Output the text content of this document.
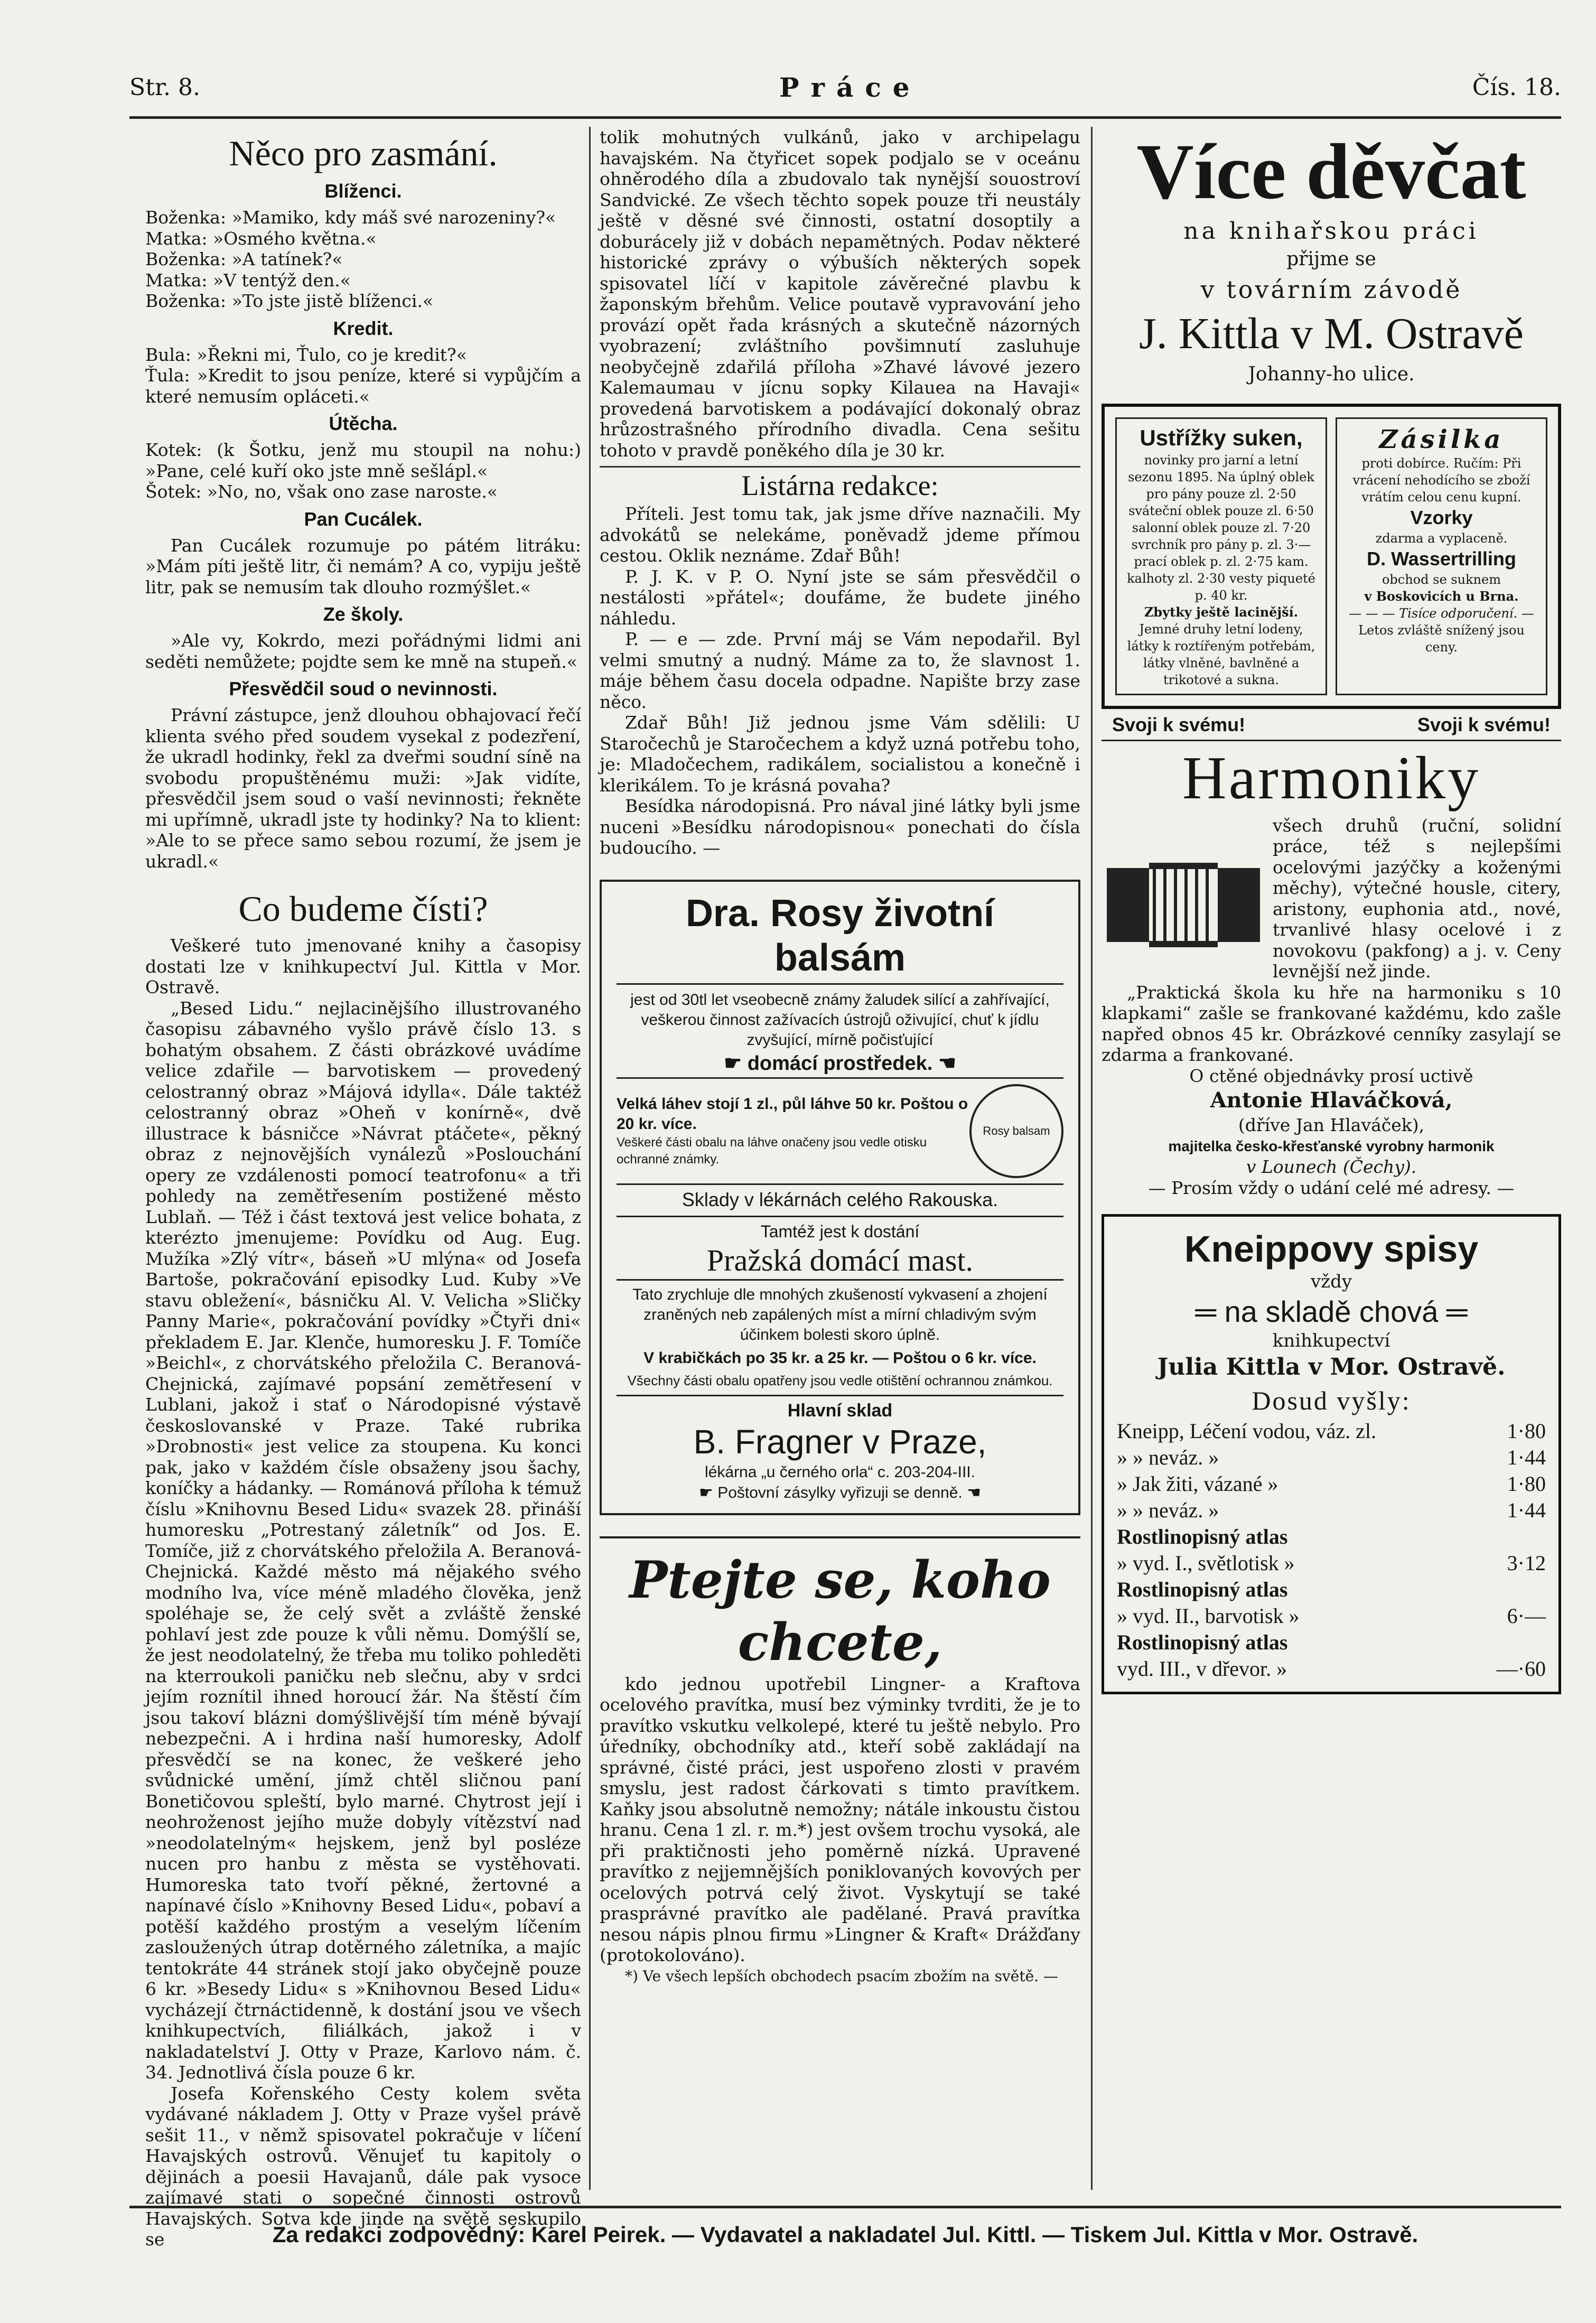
Str. 8.	Práce	Čís. 18.
Něco pro zasmání.
Blíženci.

Boženka: »Mamiko, kdy máš své narozeniny?«

Matka: »Osmého května.«

Boženka: »A tatínek?«

Matka: »V tentýž den.«

Boženka: »To jste jistě blíženci.«

Kredit.

Bula: »Řekni mi, Ťulo, co je kredit?«

Ťula: »Kredit to jsou peníze, které si vypůjčím a které nemusím opláceti.«

Útěcha.

Kotek: (k Šotku, jenž mu stoupil na nohu:) »Pane, celé kuří oko jste mně sešlápl.«

Šotek: »No, no, však ono zase naroste.«

Pan Cucálek.

Pan Cucálek rozumuje po pátém litráku: »Mám píti ještě litr, či nemám? A co, vypiju ještě litr, pak se nemusím tak dlouho rozmýšlet.«

Ze školy.

»Ale vy, Kokrdo, mezi pořádnými lidmi ani seděti nemůžete; pojdte sem ke mně na stupeň.«

Přesvědčil soud o nevinnosti.

Právní zástupce, jenž dlouhou obhajovací řečí klienta svého před soudem vysekal z podezření, že ukradl hodinky, řekl za dveřmi soudní síně na svobodu propuštěnému muži: »Jak vidíte, přesvědčil jsem soud o vaší nevinnosti; řekněte mi upřímně, ukradl jste ty hodinky? Na to klient: »Ale to se přece samo sebou rozumí, že jsem je ukradl.«

Co budeme čísti?

Veškeré tuto jmenované knihy a časopisy dostati lze v knihkupectví Jul. Kittla v Mor. Ostravě.

„Besed Lidu.“ nejlacinějšího illustrovaného časopisu zábavného vyšlo právě číslo 13. s bohatým obsahem. Z části obrázkové uvádíme velice zdařile — barvotiskem — provedený celostranný obraz »Májová idylla«. Dále taktéž celostranný obraz »Oheň v konírně«, dvě illustrace k básničce »Návrat ptáčete«, pěkný obraz z nejnovějších vynálezů »Poslouchání opery ze vzdálenosti pomocí teatrofonu« a tři pohledy na zemětřesením postižené město Lublaň. — Též i část textová jest velice bohata, z kterézto jmenujeme: Povídku od Aug. Eug. Mužíka »Zlý vítr«, báseň »U mlýna« od Josefa Bartoše, pokračování episodky Lud. Kuby »Ve stavu obležení«, básničku Al. V. Velicha »Sličky Panny Marie«, pokračování povídky »Čtyři dni« překladem E. Jar. Klenče, humoresku J. F. Tomíče »Beichl«, z chorvátského přeložila C. Beranová-Chejnická, zajímavé popsání zemětřesení v Lublani, jakož i stať o Národopisné výstavě českoslovanské v Praze. Také rubrika »Drobnosti« jest velice za stoupena. Ku konci pak, jako v každém čísle obsaženy jsou šachy, koníčky a hádanky. — Románová příloha k témuž číslu »Knihovnu Besed Lidu« svazek 28. přináší humoresku „Potrestaný záletník“ od Jos. E. Tomíče, již z chorvátského přeložila A. Beranová-Chejnická. Každé město má nějakého svého modního lva, více méně mladého člověka, jenž spoléhaje se, že celý svět a zvláště ženské pohlaví jest zde pouze k vůli němu. Domýšlí se, že jest neodolatelný, že třeba mu toliko pohleděti na kterroukoli paničku neb slečnu, aby v srdci jejím roznítil ihned horoucí žár. Na štěstí čím jsou takoví blázni domýšlivější tím méně bývají nebezpečni. A i hrdina naší humoresky, Adolf přesvědčí se na konec, že veškeré jeho svůdnické umění, jímž chtěl sličnou paní Bonetičovou spleští, bylo marné. Chytrost její i neohroženost jejího muže dobyly vítězství nad »neodolatelným« hejskem, jenž byl posléze nucen pro hanbu z města se vystěhovati. Humoreska tato tvoří pěkné, žertovné a napínavé číslo »Knihovny Besed Lidu«, pobaví a potěší každého prostým a veselým líčením zasloužených útrap dotěrného záletníka, a majíc tentokráte 44 stránek stojí jako obyčejně pouze 6 kr. »Besedy Lidu« s »Knihovnou Besed Lidu« vycházejí čtrnáctidenně, k dostání jsou ve všech knihkupectvích, filiálkách, jakož i v nakladatelství J. Otty v Praze, Karlovo nám. č. 34. Jednotlivá čísla pouze 6 kr.

Josefa Kořenského Cesty kolem světa vydávané nákladem J. Otty v Praze vyšel právě sešit 11., v němž spisovatel pokračuje v líčení Havajských ostrovů. Věnujeť tu kapitoly o dějinách a poesii Havajanů, dále pak vysoce zajímavé stati o sopečné činnosti ostrovů Havajských. Sotva kde jinde na světě seskupilo se

tolik mohutných vulkánů, jako v archipelagu havajském. Na čtyřicet sopek podjalo se v oceánu ohněrodého díla a zbudovalo tak nynější souostroví Sandvické. Ze všech těchto sopek pouze tři neustály ještě v děsné své činnosti, ostatní dosoptily a doburácely již v dobách nepamětných. Podav některé historické zprávy o výbuších některých sopek spisovatel líčí v kapitole závěrečné plavbu k žaponským břehům. Velice poutavě vypravování jeho provází opět řada krásných a skutečně názorných vyobrazení; zvláštního povšimnutí zasluhuje neobyčejně zdařilá příloha »Zhavé lávové jezero Kalemaumau v jícnu sopky Kilauea na Havaji« provedená barvotiskem a podávající dokonalý obraz hrůzostrašného přírodního divadla. Cena sešitu tohoto v pravdě poněkého díla je 30 kr.

Listárna redakce:

Příteli. Jest tomu tak, jak jsme dříve naznačili. My advokátů se nelekáme, poněvadž jdeme přímou cestou. Oklik neznáme. Zdař Bůh!

P. J. K. v P. O. Nyní jste se sám přesvědčil o nestálosti »přátel«; doufáme, že budete jiného náhledu.

P. — e — zde. První máj se Vám nepodařil. Byl velmi smutný a nudný. Máme za to, že slavnost 1. máje během času docela odpadne. Napište brzy zase něco.

Zdař Bůh! Již jednou jsme Vám sdělili: U Staročechů je Staročechem a když uzná potřebu toho, je: Mladočechem, radikálem, socialistou a konečně i klerikálem. To je krásná povaha?

Besídka národopisná. Pro nával jiné látky byli jsme nuceni »Besídku národopisnou« ponechati do čísla budoucího. —

Dra. Rosy životní balsám
jest od 30tl let vseobecně známy žaludek silící a zahřívající, veškerou činnost zažívacích ústrojů oživující, chuť k jídlu zvyšující, mírně počisťující
☛ domácí prostředek. ☚
Velká láhev stojí 1 zl., půl láhve 50 kr. Poštou o 20 kr. více.
Veškeré části obalu na láhve onačeny jsou vedle otisku ochranné známky.
Rosy balsam
Sklady v lékárnách celého Rakouska.
Tamtéž jest k dostání
Pražská domácí mast.
Tato zrychluje dle mnohých zkušeností vykvasení a zhojení zraněných neb zapálených míst a mírní chladivým svým účinkem bolesti skoro úplně.
V krabičkách po 35 kr. a 25 kr. — Poštou o 6 kr. více.
Všechny části obalu opatřeny jsou vedle otištění ochrannou známkou.
Hlavní sklad
B. Fragner v Praze,
lékárna „u černého orla“ c. 203-204-III.
☛ Poštovní zásylky vyřizuji se denně. ☚
Ptejte se, koho chcete,

kdo jednou upotřebil Lingner- a Kraftova ocelového pravítka, musí bez výminky tvrditi, že je to pravítko vskutku velkolepé, které tu ještě nebylo. Pro úředníky, obchodníky atd., kteří sobě zakládají na správné, čisté práci, jest uspořeno zlosti v pravém smyslu, jest radost čárkovati s timto pravítkem. Kaňky jsou absolutně nemožny; nátále inkoustu čistou hranu. Cena 1 zl. r. m.*) jest ovšem trochu vysoká, ale při praktičnosti jeho poměrně nízká. Upravené pravítko z nejjemnějších poniklovaných kovových per ocelových potrvá celý život. Vyskytují se také prasprávné pravítko ale padělané. Pravá pravítka nesou nápis plnou firmu »Lingner & Kraft« Drážďany (protokolováno).

*) Ve všech lepších obchodech psacím zbožím na světě. —

Více děvčat
na knihařskou práci
přijme se
v továrním závodě
J. Kittla v M. Ostravě
Johanny-ho ulice.
Ustřížky suken,
novinky pro jarní a letní sezonu 1895. Na úplný oblek pro pány pouze zl. 2·50 sváteční oblek pouze zl. 6·50 salonní oblek pouze zl. 7·20 svrchník pro pány p. zl. 3·— prací oblek p. zl. 2·75 kam. kalhoty zl. 2·30 vesty piqueté p. 40 kr.
Zbytky ještě lacinější.
Jemné druhy letní lodeny, látky k roztířeným potřebám, látky vlněné, bavlněné a trikotové a sukna.
Zásilka
proti dobírce. Ručím: Při vrácení nehodícího se zboží vrátím celou cenu kupní.
Vzorky
zdarma a vyplaceně.
D. Wassertrilling
obchod se suknem
v Boskovicích u Brna.
— — — Tisíce odporučení. —
Letos zvláště snížený jsou ceny.
Svoji k svému!	Svoji k svému!
Harmoniky

všech druhů (ruční, solidní práce, též s nejlepšími ocelovými jazýčky a koženými měchy), výtečné housle, citery, aristony, euphonia atd., nové, trvanlivé hlasy ocelové i z novokovu (pakfong) a j. v. Ceny levnější než jinde.

„Praktická škola ku hře na harmoniku s 10 klapkami“ zašle se frankované každému, kdo zašle napřed obnos 45 kr. Obrázkové cenníky zasylají se zdarma a frankované.

O ctěné objednávky prosí uctivě

Antonie Hlaváčková,
(dříve Jan Hlaváček),
majitelka česko-křesťanské vyrobny harmonik
v Lounech (Čechy).
— Prosím vždy o udání celé mé adresy. —
Kneippovy spisy
vždy
═ na skladě chová ═
knihkupectví
Julia Kittla v Mor. Ostravě.
Dosud vyšly:
Kneipp, Léčení vodou, váz. zl.	1·80
» » neváz. »	1·44
» Jak žiti, vázané »	1·80
» » neváz. »	1·44
Rostlinopisný atlas
» vyd. I., světlotisk »	3·12
Rostlinopisný atlas
» vyd. II., barvotisk »	6·—
Rostlinopisný atlas
vyd. III., v dřevor. »	—·60
Za redakci zodpovědný: Karel Peirek. — Vydavatel a nakladatel Jul. Kittl. — Tiskem Jul. Kittla v Mor. Ostravě.
